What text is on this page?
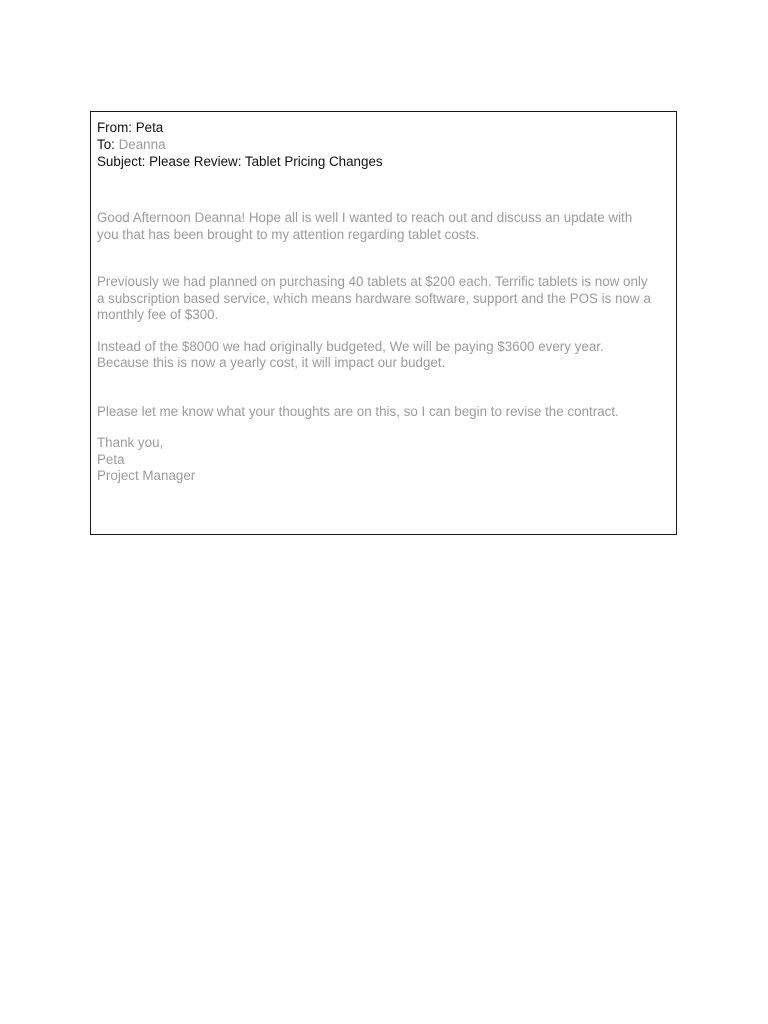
From: Peta
To: Deanna
Subject: Please Review: Tablet Pricing Changes
Good Afternoon Deanna! Hope all is well I wanted to reach out and discuss an update with
you that has been brought to my attention regarding tablet costs.
Previously we had planned on purchasing 40 tablets at $200 each. Terrific tablets is now only
a subscription based service, which means hardware software, support and the POS is now a
monthly fee of $300.
Instead of the $8000 we had originally budgeted, We will be paying $3600 every year.
Because this is now a yearly cost, it will impact our budget.
Please let me know what your thoughts are on this, so I can begin to revise the contract.
Thank you,
Peta
Project Manager
